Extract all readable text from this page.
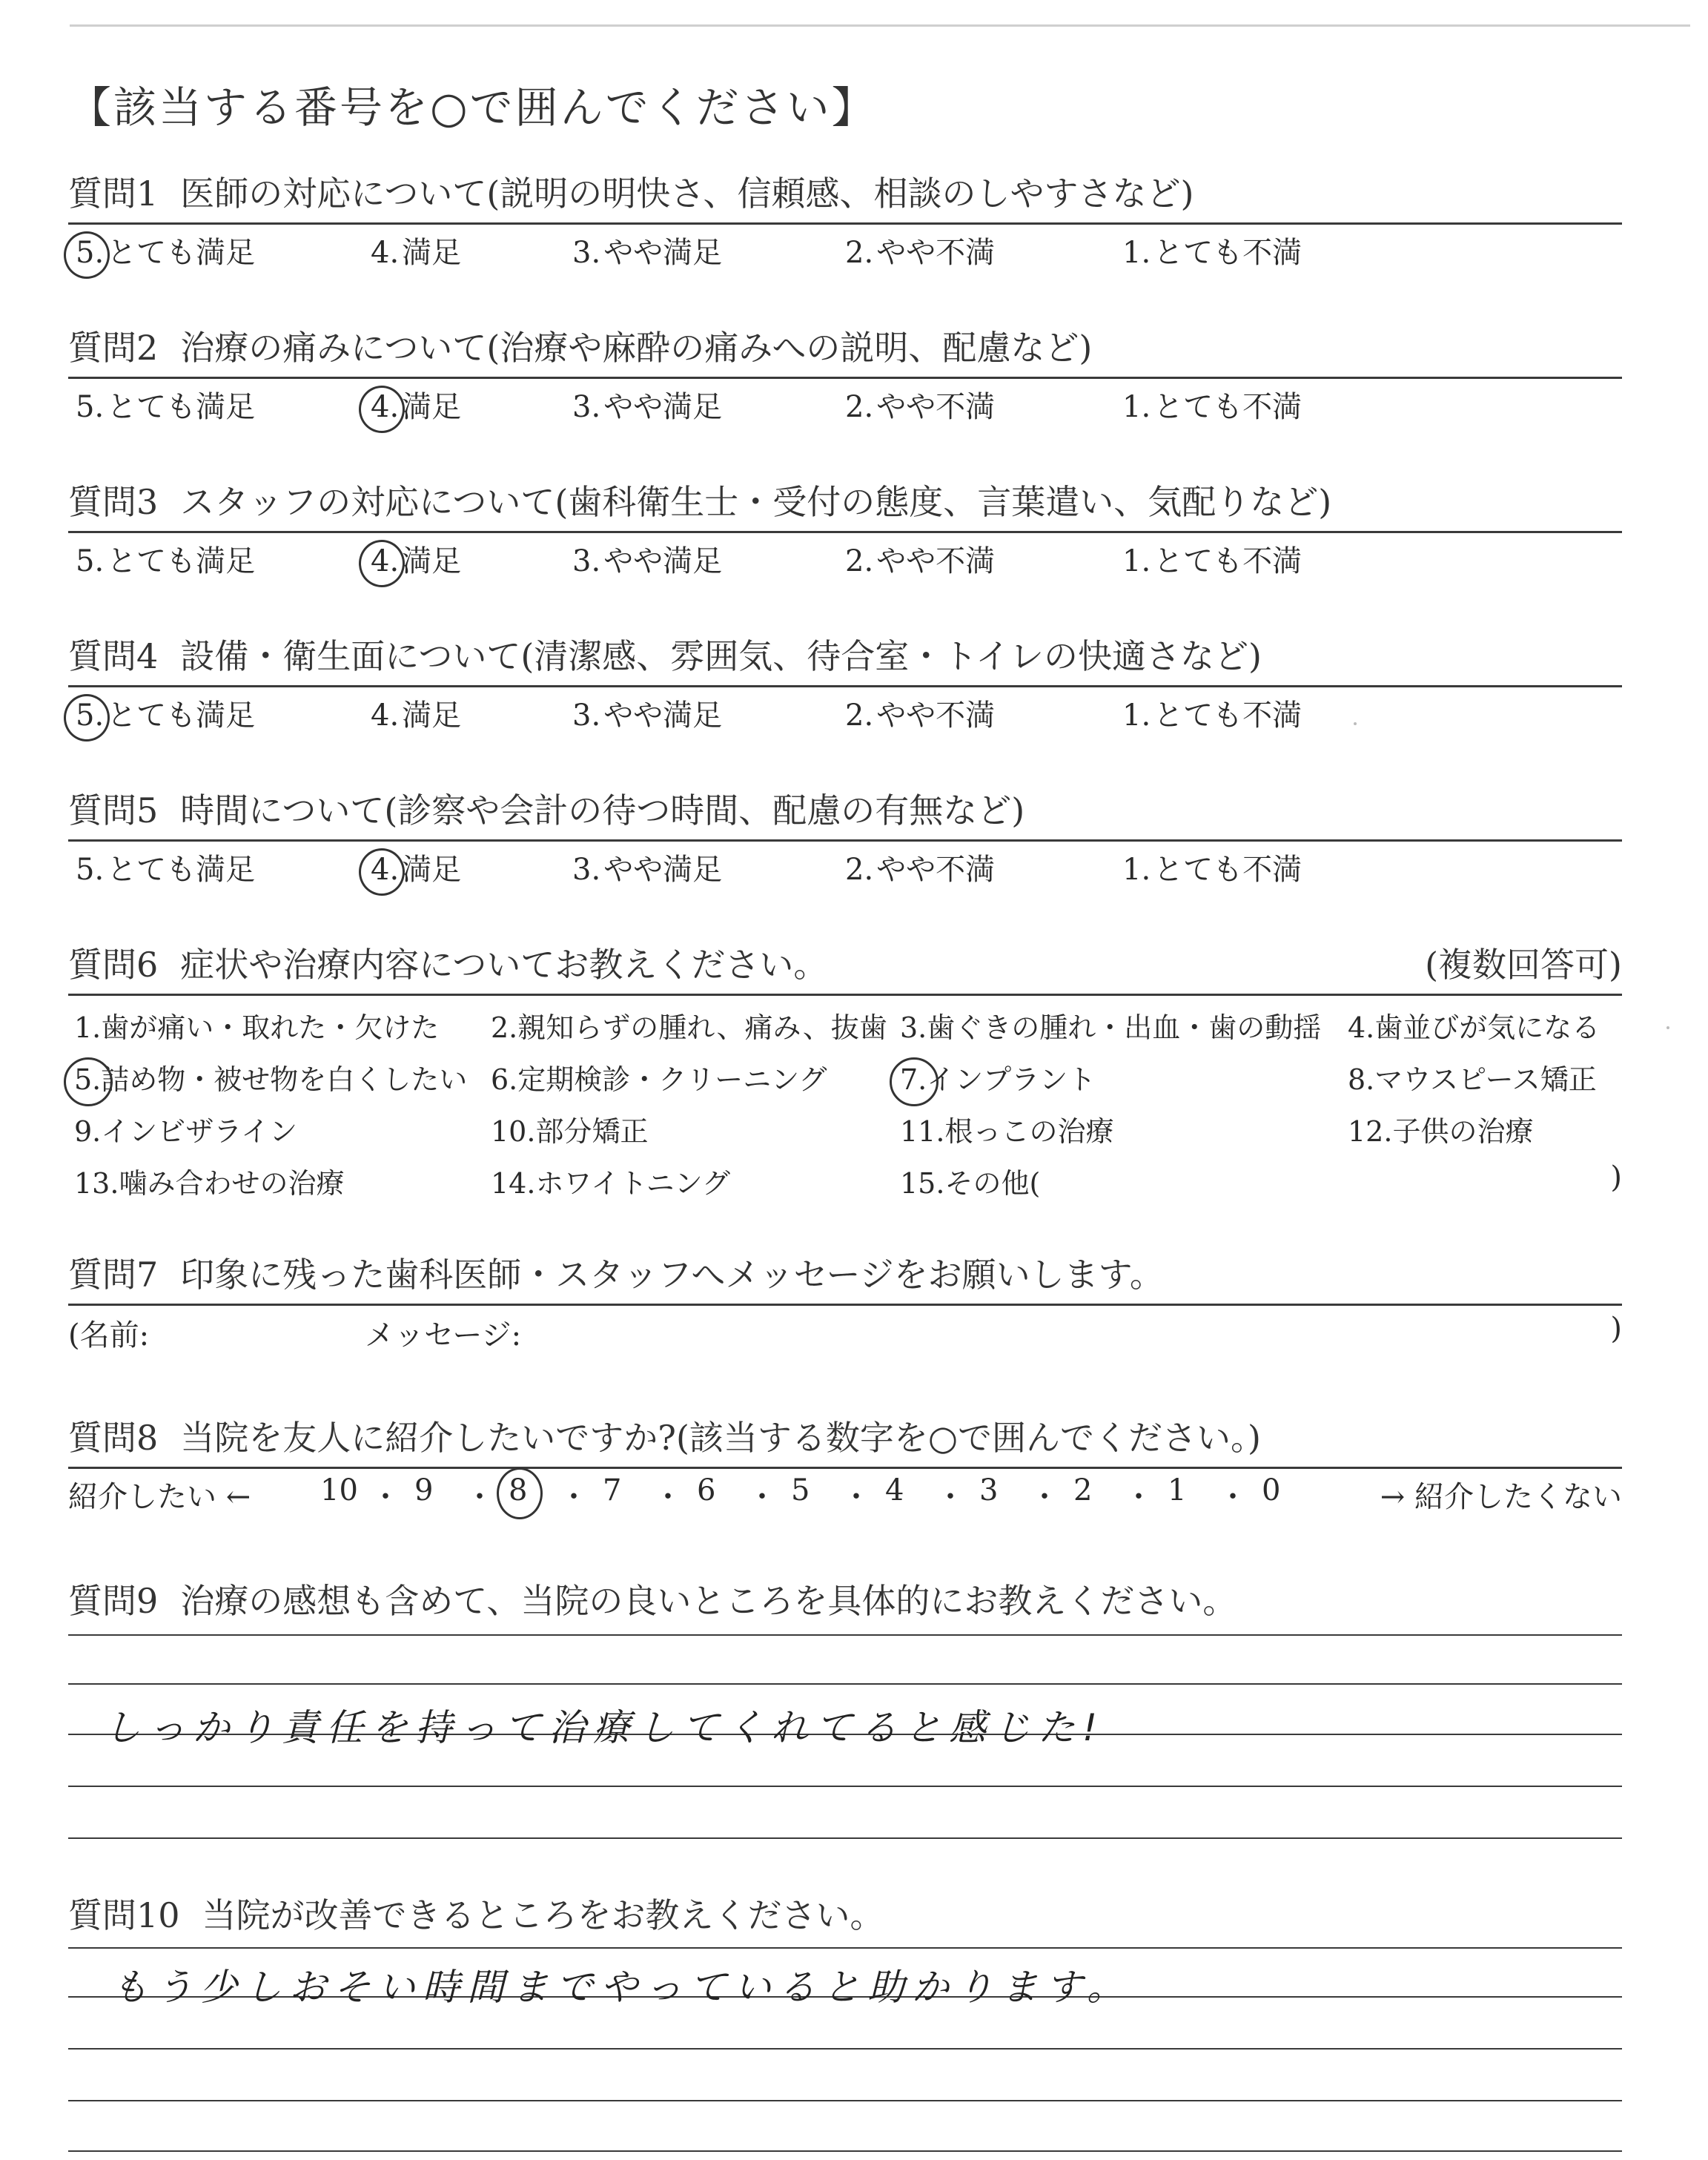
【該当する番号を○で囲んでください】
質問1 医師の対応について(説明の明快さ、信頼感、相談のしやすさなど)
5. とても満足	4. 満足	3. やや満足	2. やや不満	1. とても不満
質問2 治療の痛みについて(治療や麻酔の痛みへの説明、配慮など)
5. とても満足	4. 満足	3. やや満足	2. やや不満	1. とても不満
質問3 スタッフの対応について(歯科衛生士・受付の態度、言葉遣い、気配りなど)
5. とても満足	4. 満足	3. やや満足	2. やや不満	1. とても不満
質問4 設備・衛生面について(清潔感、雰囲気、待合室・トイレの快適さなど)
5. とても満足	4. 満足	3. やや満足	2. やや不満	1. とても不満
質問5 時間について(診察や会計の待つ時間、配慮の有無など)
5. とても満足	4. 満足	3. やや満足	2. やや不満	1. とても不満
質問6 症状や治療内容についてお教えください。	(複数回答可)
1.歯が痛い・取れた・欠けた 2.親知らずの腫れ、痛み、抜歯 3.歯ぐきの腫れ・出血・歯の動揺 4.歯並びが気になる
5.詰め物・被せ物を白くしたい 6.定期検診・クリーニング	7.インプラント	8.マウスピース矯正
9.インビザライン	10.部分矯正	11.根っこの治療	12.子供の治療
13.噛み合わせの治療	14.ホワイトニング	15.その他(	)
質問7 印象に残った歯科医師・スタッフへメッセージをお願いします。
(名前:	メッセージ:	)
質問8 当院を友人に紹介したいですか?(該当する数字を○で囲んでください。)
紹介したい ←	→ 紹介したくない
10 ・ 9 ・ 8 ・ 7 ・ 6 ・ 5 ・ 4 ・ 3 ・ 2 ・ 1 ・ 0
質問9 治療の感想も含めて、当院の良いところを具体的にお教えください。
しっかり責任を持って治療してくれてると感じた!
質問10 当院が改善できるところをお教えください。
もう少しおそい時間までやっていると助かります。
